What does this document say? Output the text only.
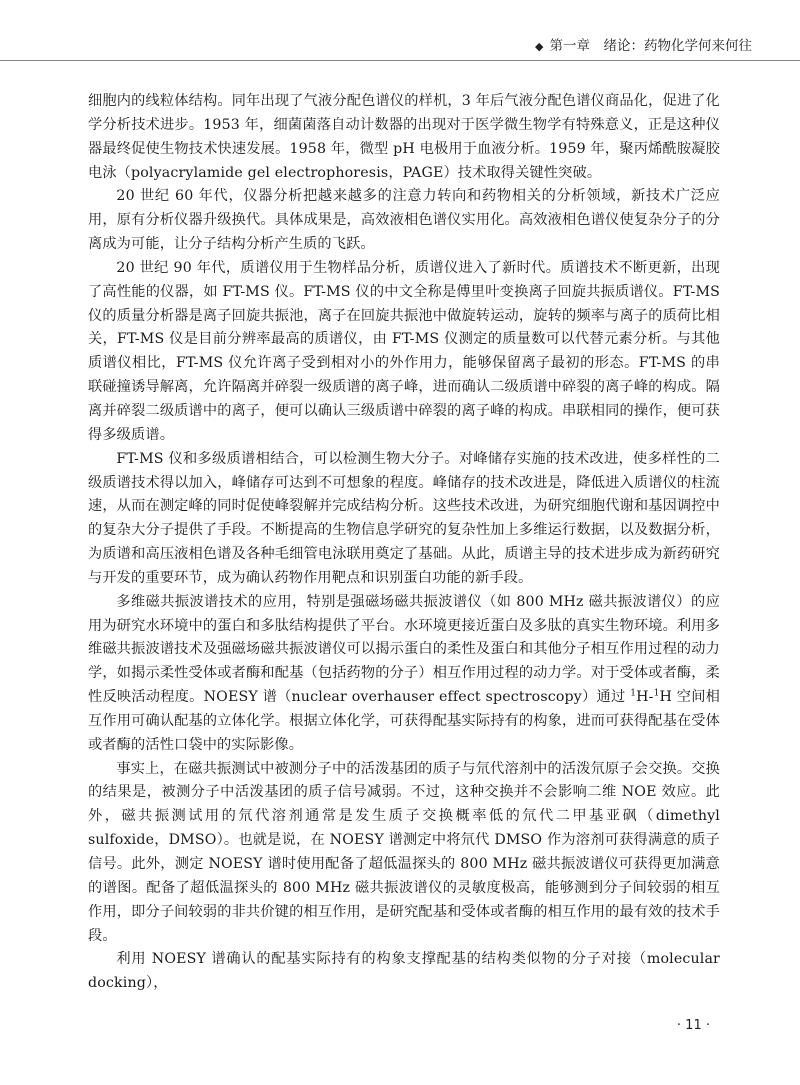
◆ 第一章　绪论：药物化学何来何往

细胞内的线粒体结构。同年出现了气液分配色谱仪的样机，3 年后气液分配色谱仪商品化，促进了化学分析技术进步。1953 年，细菌菌落自动计数器的出现对于医学微生物学有特殊意义，正是这种仪器最终促使生物技术快速发展。1958 年，微型 pH 电极用于血液分析。1959 年，聚丙烯酰胺凝胶电泳（polyacrylamide gel electrophoresis，PAGE）技术取得关键性突破。

20 世纪 60 年代，仪器分析把越来越多的注意力转向和药物相关的分析领域，新技术广泛应用，原有分析仪器升级换代。具体成果是，高效液相色谱仪实用化。高效液相色谱仪使复杂分子的分离成为可能，让分子结构分析产生质的飞跃。

20 世纪 90 年代，质谱仪用于生物样品分析，质谱仪进入了新时代。质谱技术不断更新，出现了高性能的仪器，如 FT-MS 仪。FT-MS 仪的中文全称是傅里叶变换离子回旋共振质谱仪。FT-MS 仪的质量分析器是离子回旋共振池，离子在回旋共振池中做旋转运动，旋转的频率与离子的质荷比相关，FT-MS 仪是目前分辨率最高的质谱仪，由 FT-MS 仪测定的质量数可以代替元素分析。与其他质谱仪相比，FT-MS 仪允许离子受到相对小的外作用力，能够保留离子最初的形态。FT-MS 的串联碰撞诱导解离，允许隔离并碎裂一级质谱的离子峰，进而确认二级质谱中碎裂的离子峰的构成。隔离并碎裂二级质谱中的离子，便可以确认三级质谱中碎裂的离子峰的构成。串联相同的操作，便可获得多级质谱。

FT-MS 仪和多级质谱相结合，可以检测生物大分子。对峰储存实施的技术改进，使多样性的二级质谱技术得以加入，峰储存可达到不可想象的程度。峰储存的技术改进是，降低进入质谱仪的柱流速，从而在测定峰的同时促使峰裂解并完成结构分析。这些技术改进，为研究细胞代谢和基因调控中的复杂大分子提供了手段。不断提高的生物信息学研究的复杂性加上多维运行数据，以及数据分析，为质谱和高压液相色谱及各种毛细管电泳联用奠定了基础。从此，质谱主导的技术进步成为新药研究与开发的重要环节，成为确认药物作用靶点和识别蛋白功能的新手段。

多维磁共振波谱技术的应用，特别是强磁场磁共振波谱仪（如 800 MHz 磁共振波谱仪）的应用为研究水环境中的蛋白和多肽结构提供了平台。水环境更接近蛋白及多肽的真实生物环境。利用多维磁共振波谱技术及强磁场磁共振波谱仪可以揭示蛋白的柔性及蛋白和其他分子相互作用过程的动力学，如揭示柔性受体或者酶和配基（包括药物的分子）相互作用过程的动力学。对于受体或者酶，柔性反映活动程度。NOESY 谱（nuclear overhauser effect spectroscopy）通过 $^1$H-$^1$H 空间相互作用可确认配基的立体化学。根据立体化学，可获得配基实际持有的构象，进而可获得配基在受体或者酶的活性口袋中的实际影像。

事实上，在磁共振测试中被测分子中的活泼基团的质子与氘代溶剂中的活泼氘原子会交换。交换的结果是，被测分子中活泼基团的质子信号减弱。不过，这种交换并不会影响二维 NOE 效应。此外，磁共振测试用的氘代溶剂通常是发生质子交换概率低的氘代二甲基亚砜（dimethyl sulfoxide，DMSO）。也就是说，在 NOESY 谱测定中将氘代 DMSO 作为溶剂可获得满意的质子信号。此外，测定 NOESY 谱时使用配备了超低温探头的 800 MHz 磁共振波谱仪可获得更加满意的谱图。配备了超低温探头的 800 MHz 磁共振波谱仪的灵敏度极高，能够测到分子间较弱的相互作用，即分子间较弱的非共价键的相互作用，是研究配基和受体或者酶的相互作用的最有效的技术手段。

利用 NOESY 谱确认的配基实际持有的构象支撑配基的结构类似物的分子对接（molecular docking），

· 11 ·
